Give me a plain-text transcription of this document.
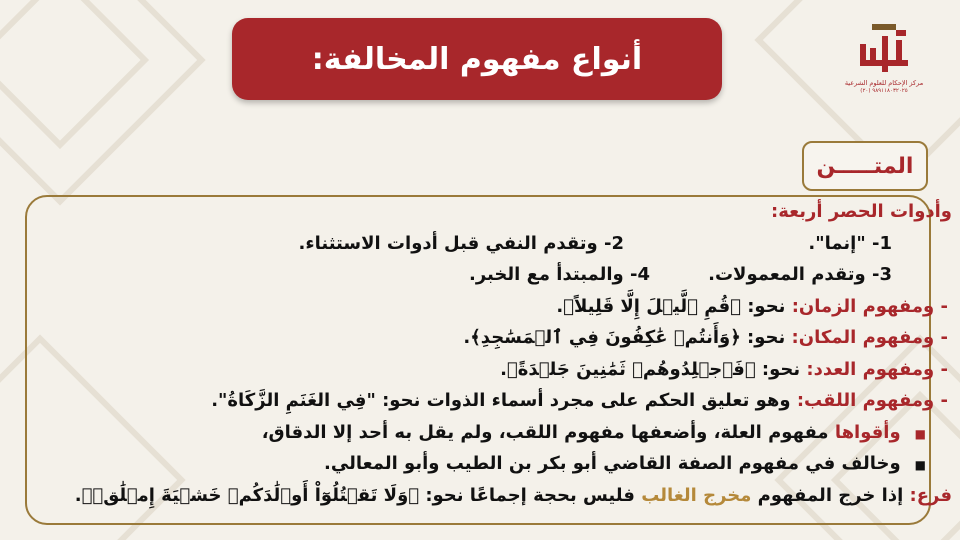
أنواع مفهوم المخالفة:
مركز الإحكام للعلوم الشرعية
(٢٠) ٩٨٩١١٨٠٣٢٠٢٥
المتـــــن
وأدوات الحصر أربعة:
1- "إنما".
2- وتقدم النفي قبل أدوات الاستثناء.
3- وتقدم المعمولات.
4- والمبتدأ مع الخبر.
- ومفهوم الزمان: نحو: ﴿قُمِ ٱلَّيۡلَ إِلَّا قَلِيلاً﴾.
- ومفهوم المكان: نحو: ﴿وَأَنتُمۡ عَٰكِفُونَ فِي ٱلۡمَسَٰجِدِ﴾.
- ومفهوم العدد: نحو: ﴿فَٱجۡلِدُوهُمۡ ثَمَٰنِينَ جَلۡدَةً﴾.
- ومفهوم اللقب: وهو تعليق الحكم على مجرد أسماء الذوات نحو: "فِي الغَنَمِ الزَّكَاةُ".
■وأقواها مفهوم العلة، وأضعفها مفهوم اللقب، ولم يقل به أحد إلا الدقاق،
■وخالف في مفهوم الصفة القاضي أبو بكر بن الطيب وأبو المعالي.
فرع: إذا خرج المفهوم مخرج الغالب فليس بحجة إجماعًا نحو: ﴿وَلَا تَقۡتُلُوٓاْ أَوۡلَٰدَكُمۡ خَشۡيَةَ إِمۡلَٰقٖ﴾.
